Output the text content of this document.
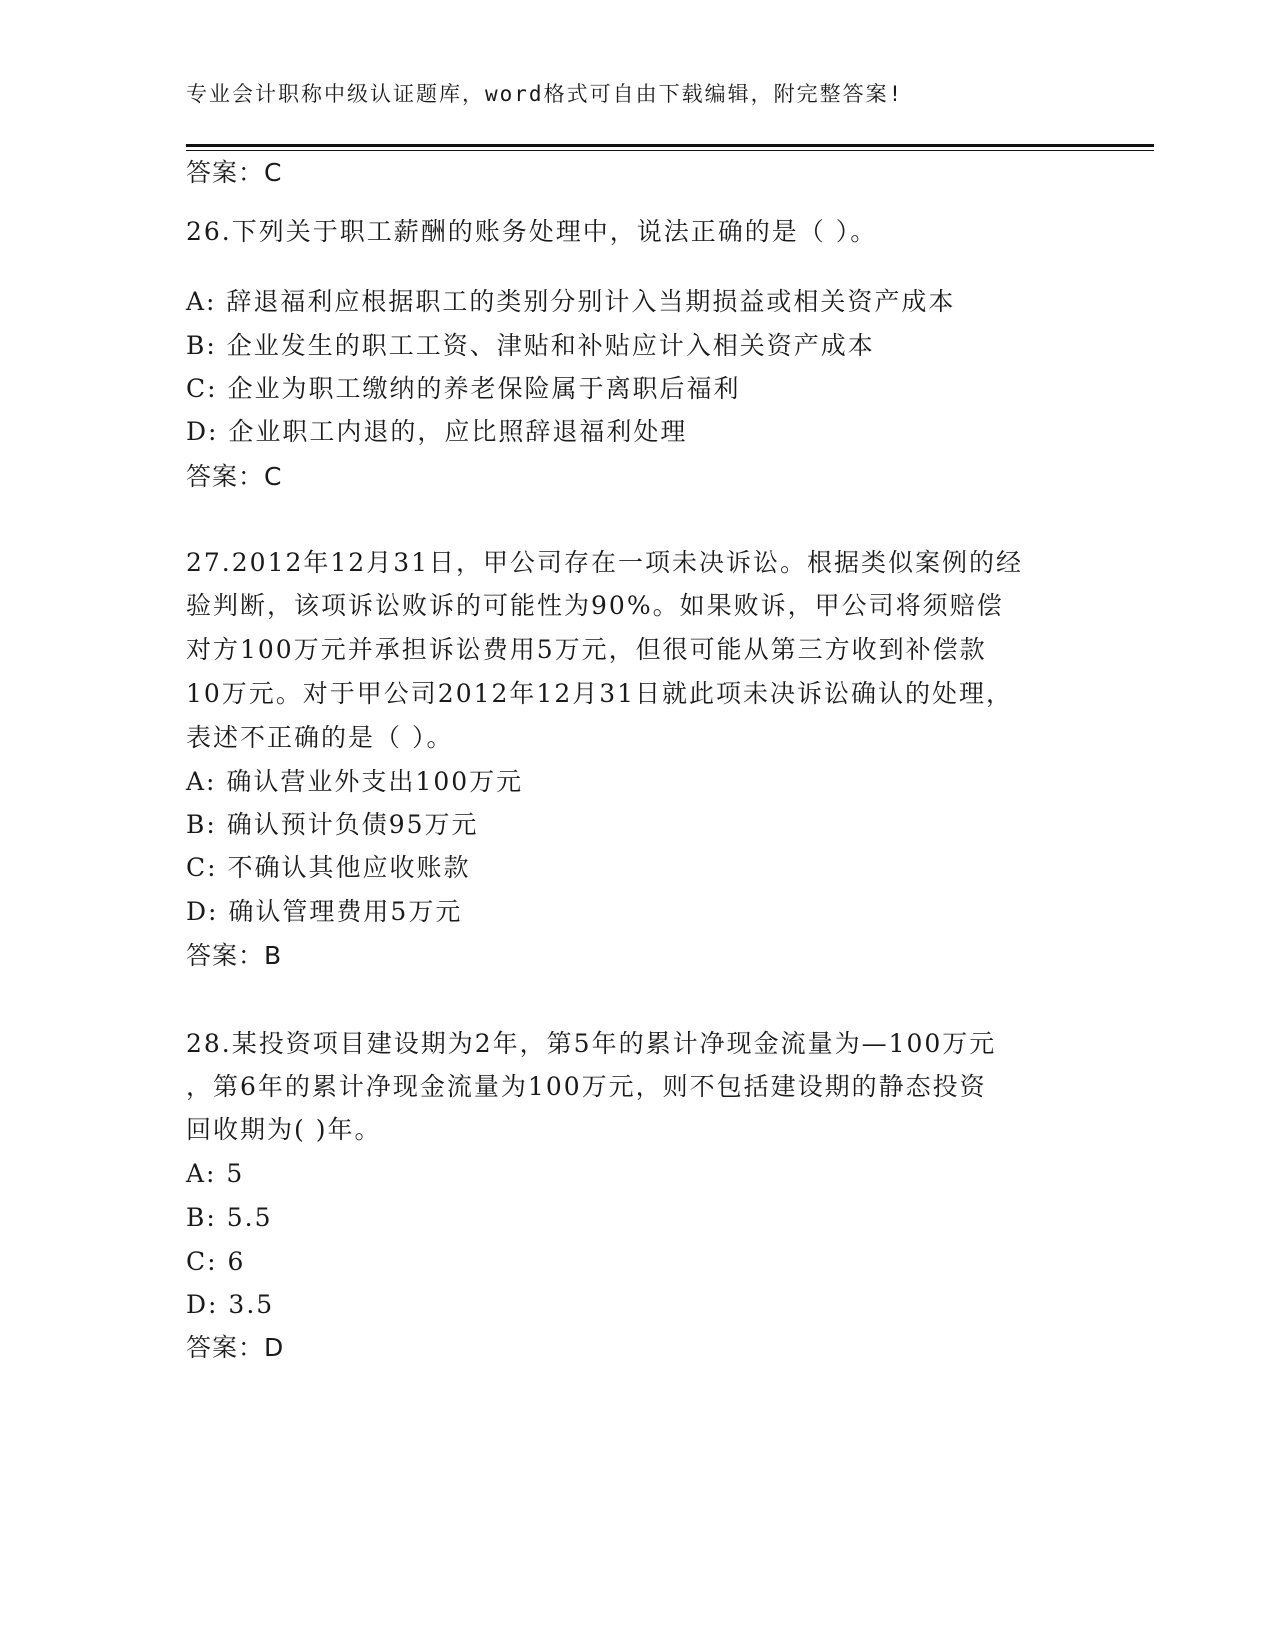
专业会计职称中级认证题库，word格式可自由下载编辑，附完整答案!
答案：C
26.下列关于职工薪酬的账务处理中，说法正确的是（ ）。
A: 辞退福利应根据职工的类别分别计入当期损益或相关资产成本
B: 企业发生的职工工资、津贴和补贴应计入相关资产成本
C: 企业为职工缴纳的养老保险属于离职后福利
D: 企业职工内退的，应比照辞退福利处理
答案：C
27.2012年12月31日，甲公司存在一项未决诉讼。根据类似案例的经
验判断，该项诉讼败诉的可能性为90%。如果败诉，甲公司将须赔偿
对方100万元并承担诉讼费用5万元，但很可能从第三方收到补偿款
10万元。对于甲公司2012年12月31日就此项未决诉讼确认的处理，
表述不正确的是（ ）。
A: 确认营业外支出100万元
B: 确认预计负债95万元
C: 不确认其他应收账款
D: 确认管理费用5万元
答案：B
28.某投资项目建设期为2年，第5年的累计净现金流量为—100万元
，第6年的累计净现金流量为100万元，则不包括建设期的静态投资
回收期为( )年。
A: 5
B: 5.5
C: 6
D: 3.5
答案：D
